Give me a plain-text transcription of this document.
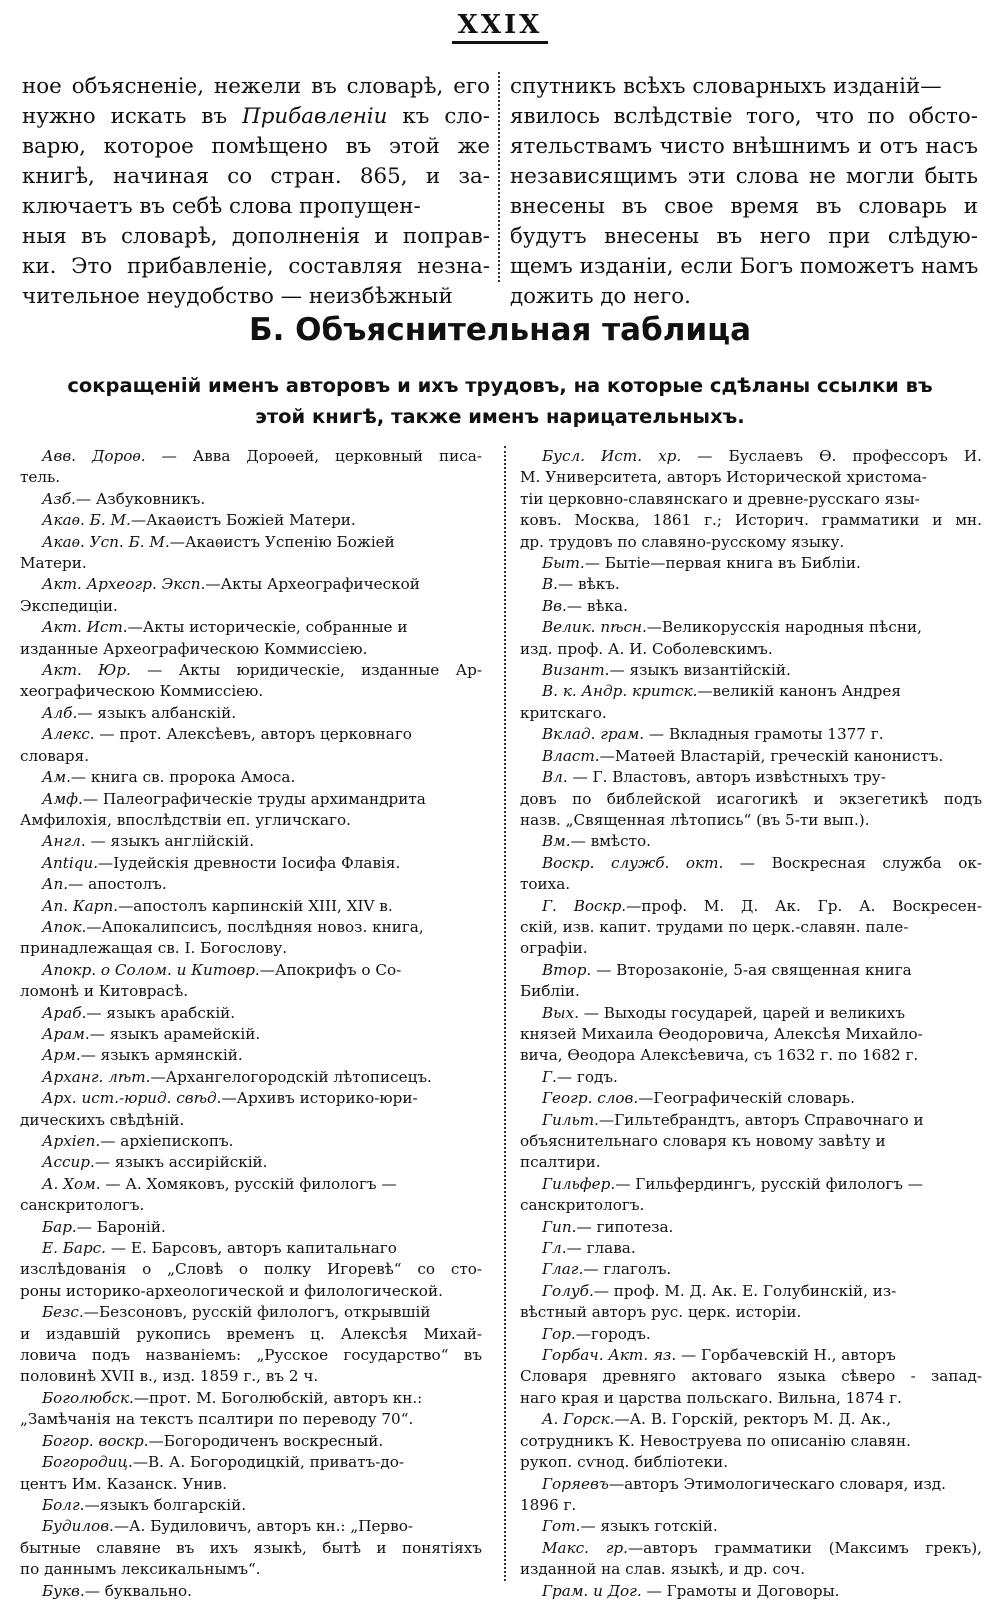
XXIX
ное объясненіе, нежели въ словарѣ, его
нужно искать въ Прибавленіи къ сло-
варю, которое помѣщено въ этой же
книгѣ, начиная со стран. 865, и за-
ключаетъ въ себѣ слова пропущен-
ныя въ словарѣ, дополненія и поправ-
ки. Это прибавленіе, составляя незна-
чительное неудобство — неизбѣжный
спутникъ всѣхъ словарныхъ изданій—
явилось вслѣдствіе того, что по обсто-
ятельствамъ чисто внѣшнимъ и отъ насъ
независящимъ эти слова не могли быть
внесены въ свое время въ словарь и
будутъ внесены въ него при слѣдую-
щемъ изданіи, если Богъ поможетъ намъ
дожить до него.
Б. Объяснительная таблица
сокращеній именъ авторовъ и ихъ трудовъ, на которые сдѣланы ссылки въ
этой книгѣ, также именъ нарицательныхъ.
Авв. Дороѳ. — Авва Дороѳей, церковный писа-
тель.
Азб.— Азбуковникъ.
Акаѳ. Б. М.—Акаѳистъ Божіей Матери.
Акаѳ. Усп. Б. М.—Акаѳистъ Успенію Божіей
Матери.
Акт. Археогр. Эксп.—Акты Археографической
Экспедиціи.
Акт. Ист.—Акты историческіе, собранные и
изданные Археографическою Коммиссіею.
Акт. Юр. — Акты юридическіе, изданные Ар-
хеографическою Коммиссіею.
Алб.— языкъ албанскій.
Алекс. — прот. Алексѣевъ, авторъ церковнаго
словаря.
Ам.— книга св. пророка Амоса.
Амф.— Палеографическіе труды архимандрита
Амфилохія, впослѣдствіи еп. угличскаго.
Англ. — языкъ англійскій.
Antiqu.—Іудейскія древности Іосифа Флавія.
Ап.— апостолъ.
Ап. Карп.—апостолъ карпинскій XIII, XIV в.
Апок.—Апокалипсисъ, послѣдняя новоз. книга,
принадлежащая св. І. Богослову.
Апокр. о Солом. и Китовр.—Апокрифъ о Со-
ломонѣ и Китоврасѣ.
Араб.— языкъ арабскій.
Арам.— языкъ арамейскій.
Арм.— языкъ армянскій.
Арханг. лѣт.—Архангелогородскій лѣтописецъ.
Арх. ист.-юрид. свѣд.—Архивъ историко-юри-
дическихъ свѣдѣній.
Архіеп.— архіепископъ.
Ассир.— языкъ ассирійскій.
А. Хом. — А. Хомяковъ, русскій филологъ —
санскритологъ.
Бар.— Бароній.
Е. Барс. — Е. Барсовъ, авторъ капитальнаго
изслѣдованія о „Словѣ о полку Игоревѣ“ со сто-
роны историко-археологической и филологической.
Безс.—Безсоновъ, русскій филологъ, открывшій
и издавшій рукопись временъ ц. Алексѣя Михай-
ловича подъ названіемъ: „Русское государство“ въ
половинѣ XVII в., изд. 1859 г., въ 2 ч.
Боголюбск.—прот. М. Боголюбскій, авторъ кн.:
„Замѣчанія на текстъ псалтири по переводу 70“.
Богор. воскр.—Богородиченъ воскресный.
Богородиц.—В. А. Богородицкій, приватъ-до-
центъ Им. Казанск. Унив.
Болг.—языкъ болгарскій.
Будилов.—А. Будиловичъ, авторъ кн.: „Перво-
бытные славяне въ ихъ языкѣ, бытѣ и понятіяхъ
по даннымъ лексикальнымъ“.
Букв.— буквально.
Бусл. Ист. хр. — Буслаевъ Ѳ. профессоръ И.
М. Университета, авторъ Исторической христома-
тіи церковно-славянскаго и древне-русскаго язы-
ковъ. Москва, 1861 г.; Историч. грамматики и мн.
др. трудовъ по славяно-русскому языку.
Быт.— Бытіе—первая книга въ Библіи.
В.— вѣкъ.
Вв.— вѣка.
Велик. пѣсн.—Великорусскія народныя пѣсни,
изд. проф. А. И. Соболевскимъ.
Визант.— языкъ византійскій.
В. к. Андр. критск.—великій канонъ Андрея
критскаго.
Вклад. грам. — Вкладныя грамоты 1377 г.
Власт.—Матѳей Властарій, греческій канонистъ.
Вл. — Г. Властовъ, авторъ извѣстныхъ тру-
довъ по библейской исагогикѣ и экзегетикѣ подъ
назв. „Священная лѣтопись“ (въ 5-ти вып.).
Вм.— вмѣсто.
Воскр. служб. окт. — Воскресная служба ок-
тоиха.
Г. Воскр.—проф. М. Д. Ак. Гр. А. Воскресен-
скій, изв. капит. трудами по церк.-славян. пале-
ографіи.
Втор. — Второзаконіе, 5-ая священная книга
Библіи.
Вых. — Выходы государей, царей и великихъ
князей Михаила Ѳеодоровича, Алексѣя Михайло-
вича, Ѳеодора Алексѣевича, съ 1632 г. по 1682 г.
Г.— годъ.
Геогр. слов.—Географическій словарь.
Гильт.—Гильтебрандтъ, авторъ Справочнаго и
объяснительнаго словаря къ новому завѣту и
псалтири.
Гильфер.— Гильфердингъ, русскій филологъ —
санскритологъ.
Гип.— гипотеза.
Гл.— глава.
Глаг.— глаголъ.
Голуб.— проф. М. Д. Ак. Е. Голубинскій, из-
вѣстный авторъ рус. церк. исторіи.
Гор.—городъ.
Горбач. Акт. яз. — Горбачевскій Н., авторъ
Словаря древняго актоваго языка сѣверо - запад-
наго края и царства польскаго. Вильна, 1874 г.
А. Горск.—А. В. Горскій, ректоръ М. Д. Ак.,
сотрудникъ К. Невоструева по описанію славян.
рукоп. сѵнод. библіотеки.
Горяевъ—авторъ Этимологическаго словаря, изд.
1896 г.
Гот.— языкъ готскій.
Макс. гр.—авторъ грамматики (Максимъ грекъ),
изданной на слав. языкѣ, и др. соч.
Грам. и Дог. — Грамоты и Договоры.
